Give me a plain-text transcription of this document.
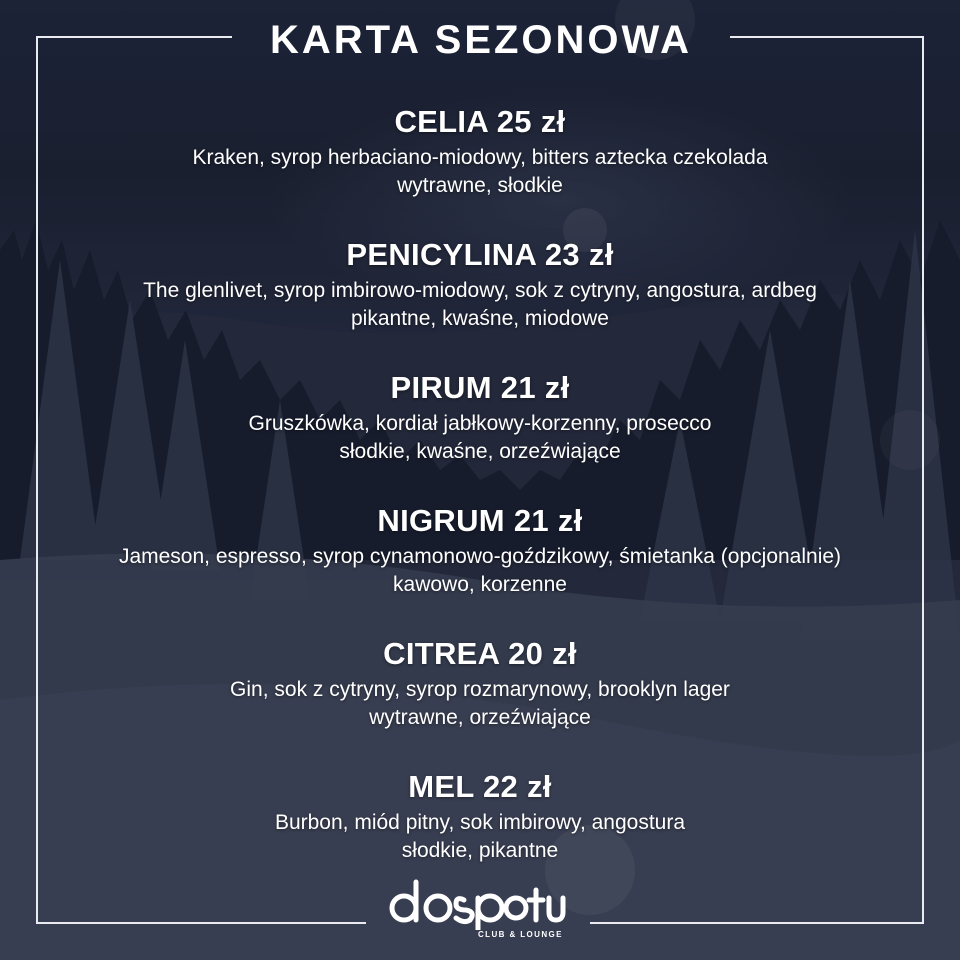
KARTA SEZONOWA
CELIA 25 zł
Kraken, syrop herbaciano-miodowy, bitters aztecka czekolada
wytrawne, słodkie
PENICYLINA 23 zł
The glenlivet, syrop imbirowo-miodowy, sok z cytryny, angostura, ardbeg
pikantne, kwaśne, miodowe
PIRUM 21 zł
Gruszkówka, kordiał jabłkowy-korzenny, prosecco
słodkie, kwaśne, orzeźwiające
NIGRUM 21 zł
Jameson, espresso, syrop cynamonowo-goździkowy, śmietanka (opcjonalnie)
kawowo, korzenne
CITREA 20 zł
Gin, sok z cytryny, syrop rozmarynowy, brooklyn lager
wytrawne, orzeźwiające
MEL 22 zł
Burbon, miód pitny, sok imbirowy, angostura
słodkie, pikantne
CLUB & LOUNGE
